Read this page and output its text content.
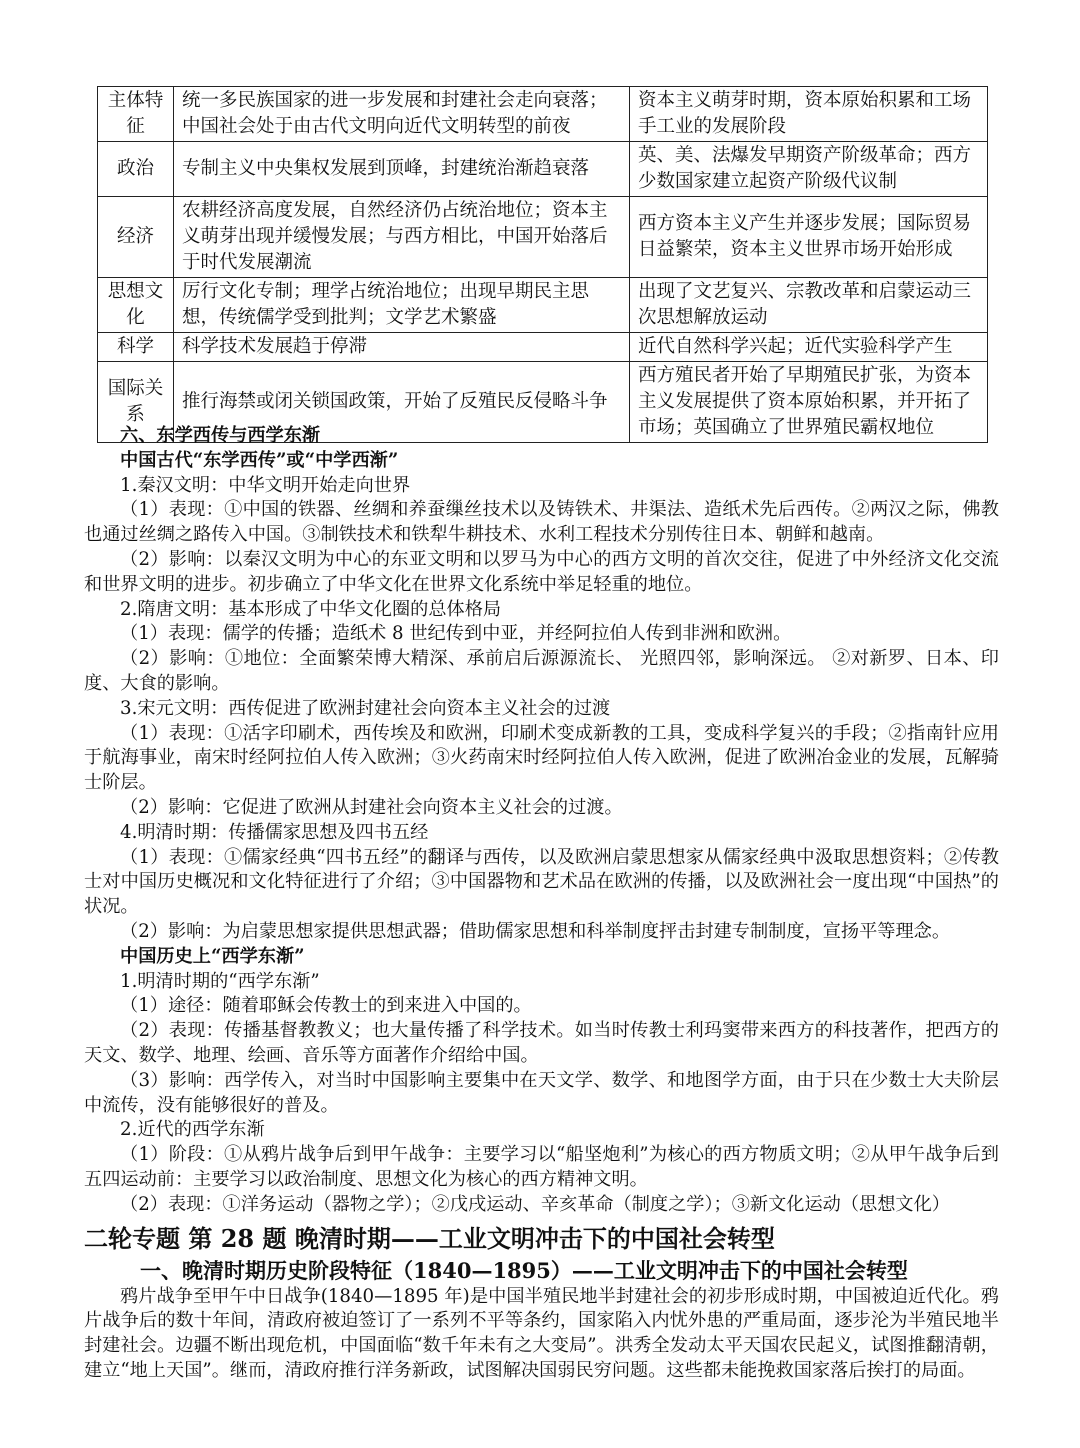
主体特征	统一多民族国家的进一步发展和封建社会走向衰落；中国社会处于由古代文明向近代文明转型的前夜	资本主义萌芽时期，资本原始积累和工场手工业的发展阶段
政治	专制主义中央集权发展到顶峰，封建统治渐趋衰落	英、美、法爆发早期资产阶级革命；西方少数国家建立起资产阶级代议制
经济	农耕经济高度发展，自然经济仍占统治地位；资本主义萌芽出现并缓慢发展；与西方相比，中国开始落后于时代发展潮流	西方资本主义产生并逐步发展；国际贸易日益繁荣，资本主义世界市场开始形成
思想文化	厉行文化专制；理学占统治地位；出现早期民主思想，传统儒学受到批判；文学艺术繁盛	出现了文艺复兴、宗教改革和启蒙运动三次思想解放运动
科学	科学技术发展趋于停滞	近代自然科学兴起；近代实验科学产生
国际关系	推行海禁或闭关锁国政策，开始了反殖民反侵略斗争	西方殖民者开始了早期殖民扩张，为资本主义发展提供了资本原始积累，并开拓了市场；英国确立了世界殖民霸权地位

六、东学西传与西学东渐

中国古代“东学西传”或“中学西渐”

1.秦汉文明：中华文明开始走向世界

（1）表现：①中国的铁器、丝绸和养蚕缫丝技术以及铸铁术、井渠法、造纸术先后西传。②两汉之际，佛教也通过丝绸之路传入中国。③制铁技术和铁犁牛耕技术、水利工程技术分别传往日本、朝鲜和越南。

（2）影响：以秦汉文明为中心的东亚文明和以罗马为中心的西方文明的首次交往，促进了中外经济文化交流和世界文明的进步。初步确立了中华文化在世界文化系统中举足轻重的地位。

2.隋唐文明：基本形成了中华文化圈的总体格局

（1）表现：儒学的传播；造纸术 8 世纪传到中亚，并经阿拉伯人传到非洲和欧洲。

（2）影响：①地位：全面繁荣博大精深、承前启后源源流长、 光照四邻，影响深远。 ②对新罗、日本、印度、大食的影响。

3.宋元文明：西传促进了欧洲封建社会向资本主义社会的过渡

（1）表现：①活字印刷术，西传埃及和欧洲，印刷术变成新教的工具，变成科学复兴的手段；②指南针应用于航海事业，南宋时经阿拉伯人传入欧洲；③火药南宋时经阿拉伯人传入欧洲，促进了欧洲冶金业的发展，瓦解骑士阶层。

（2）影响：它促进了欧洲从封建社会向资本主义社会的过渡。

4.明清时期：传播儒家思想及四书五经

（1）表现：①儒家经典“四书五经”的翻译与西传，以及欧洲启蒙思想家从儒家经典中汲取思想资料；②传教士对中国历史概况和文化特征进行了介绍；③中国器物和艺术品在欧洲的传播，以及欧洲社会一度出现“中国热”的状况。

（2）影响：为启蒙思想家提供思想武器；借助儒家思想和科举制度抨击封建专制制度，宣扬平等理念。

中国历史上“西学东渐”

1.明清时期的“西学东渐”

（1）途径：随着耶稣会传教士的到来进入中国的。

（2）表现：传播基督教教义；也大量传播了科学技术。如当时传教士利玛窦带来西方的科技著作，把西方的天文、数学、地理、绘画、音乐等方面著作介绍给中国。

（3）影响：西学传入，对当时中国影响主要集中在天文学、数学、和地图学方面，由于只在少数士大夫阶层中流传，没有能够很好的普及。

2.近代的西学东渐

（1）阶段：①从鸦片战争后到甲午战争：主要学习以“船坚炮利”为核心的西方物质文明；②从甲午战争后到五四运动前：主要学习以政治制度、思想文化为核心的西方精神文明。

（2）表现：①洋务运动（器物之学）；②戊戌运动、辛亥革命（制度之学）；③新文化运动（思想文化）

二轮专题 第 28 题 晚清时期——工业文明冲击下的中国社会转型

一、晚清时期历史阶段特征（1840—1895）——工业文明冲击下的中国社会转型

鸦片战争至甲午中日战争(1840—1895 年)是中国半殖民地半封建社会的初步形成时期，中国被迫近代化。鸦片战争后的数十年间，清政府被迫签订了一系列不平等条约，国家陷入内忧外患的严重局面，逐步沦为半殖民地半封建社会。边疆不断出现危机，中国面临“数千年未有之大变局”。洪秀全发动太平天国农民起义，试图推翻清朝，建立“地上天国”。继而，清政府推行洋务新政，试图解决国弱民穷问题。这些都未能挽救国家落后挨打的局面。
